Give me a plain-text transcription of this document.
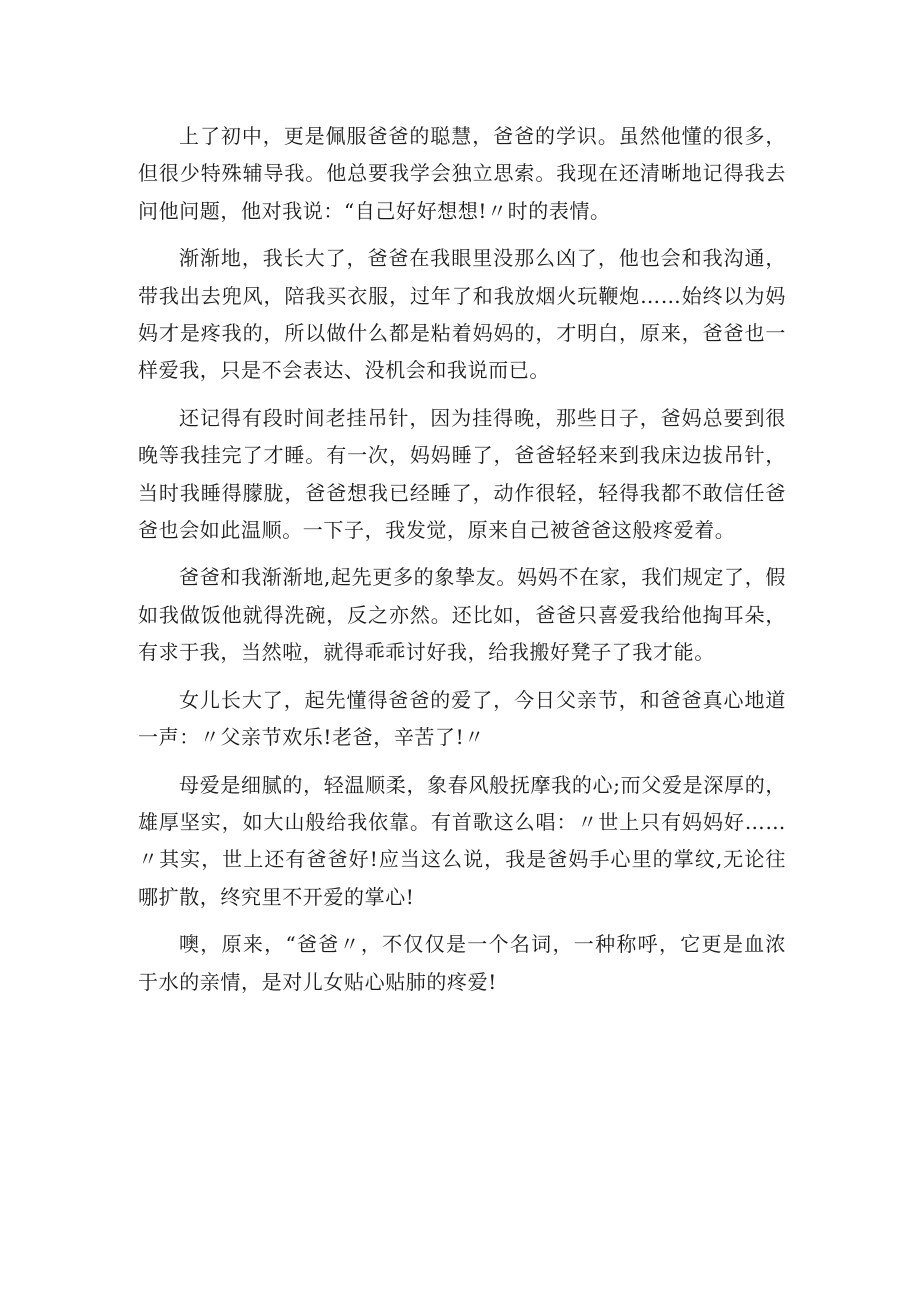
上了初中，更是佩服爸爸的聪慧，爸爸的学识。虽然他懂的很多，但很少特殊辅导我。他总要我学会独立思索。我现在还清晰地记得我去问他问题，他对我说：“自己好好想想!〃时的表情。

渐渐地，我长大了，爸爸在我眼里没那么凶了，他也会和我沟通，带我出去兜风，陪我买衣服，过年了和我放烟火玩鞭炮……始终以为妈妈才是疼我的，所以做什么都是粘着妈妈的，才明白，原来，爸爸也一样爱我，只是不会表达、没机会和我说而已。

还记得有段时间老挂吊针，因为挂得晚，那些日子，爸妈总要到很晚等我挂完了才睡。有一次，妈妈睡了，爸爸轻轻来到我床边拔吊针，当时我睡得朦胧，爸爸想我已经睡了，动作很轻，轻得我都不敢信任爸爸也会如此温顺。一下子，我发觉，原来自己被爸爸这般疼爱着。

爸爸和我渐渐地,起先更多的象挚友。妈妈不在家，我们规定了，假如我做饭他就得洗碗，反之亦然。还比如，爸爸只喜爱我给他掏耳朵，有求于我，当然啦，就得乖乖讨好我，给我搬好凳子了我才能。

女儿长大了，起先懂得爸爸的爱了，今日父亲节，和爸爸真心地道一声：〃父亲节欢乐!老爸，辛苦了!〃

母爱是细腻的，轻温顺柔，象春风般抚摩我的心;而父爱是深厚的，雄厚坚实，如大山般给我依靠。有首歌这么唱：〃世上只有妈妈好……〃其实，世上还有爸爸好!应当这么说，我是爸妈手心里的掌纹,无论往哪扩散，终究里不开爱的掌心!

噢，原来，“爸爸〃，不仅仅是一个名词，一种称呼，它更是血浓于水的亲情，是对儿女贴心贴肺的疼爱!
